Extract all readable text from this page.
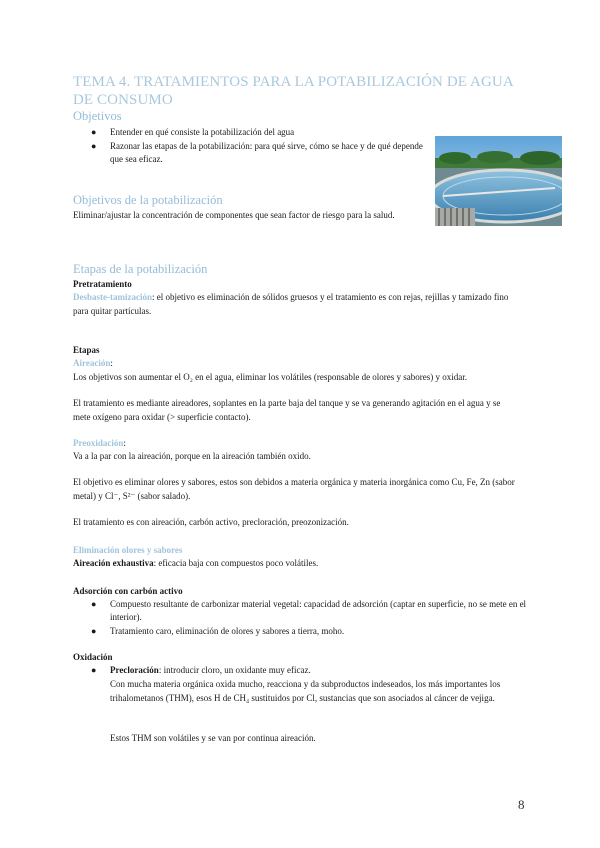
TEMA 4. TRATAMIENTOS PARA LA POTABILIZACIÓN DE AGUA DE CONSUMO
Objetivos
● Entender en qué consiste la potabilización del agua
● Razonar las etapas de la potabilización: para qué sirve, cómo se hace y de qué depende que sea eficaz.
Objetivos de la potabilización
Eliminar/ajustar la concentración de componentes que sean factor de riesgo para la salud.
Etapas de la potabilización
Pretratamiento
Desbaste-tamización: el objetivo es eliminación de sólidos gruesos y el tratamiento es con rejas, rejillas y tamizado fino para quitar partículas.
Etapas
Aireación:
Los objetivos son aumentar el O₂ en el agua, eliminar los volátiles (responsable de olores y sabores) y oxidar.
El tratamiento es mediante aireadores, soplantes en la parte baja del tanque y se va generando agitación en el agua y se mete oxígeno para oxidar (> superficie contacto).
Preoxidación:
Va a la par con la aireación, porque en la aireación también oxido.
El objetivo es eliminar olores y sabores, estos son debidos a materia orgánica y materia inorgánica como Cu, Fe, Zn (sabor metal) y Cl⁻, S²⁻ (sabor salado).
El tratamiento es con aireación, carbón activo, precloración, preozonización.
Eliminación olores y sabores
Aireación exhaustiva: eficacia baja con compuestos poco volátiles.
Adsorción con carbón activo
● Compuesto resultante de carbonizar material vegetal: capacidad de adsorción (captar en superficie, no se mete en el interior).
● Tratamiento caro, eliminación de olores y sabores a tierra, moho.
Oxidación
● Precloración: introducir cloro, un oxidante muy eficaz.
Con mucha materia orgánica oxida mucho, reacciona y da subproductos indeseados, los más importantes los trihalometanos (THM), esos H de CH₄ sustituidos por Cl, sustancias que son asociados al cáncer de vejiga.
Estos THM son volátiles y se van por continua aireación.
8
